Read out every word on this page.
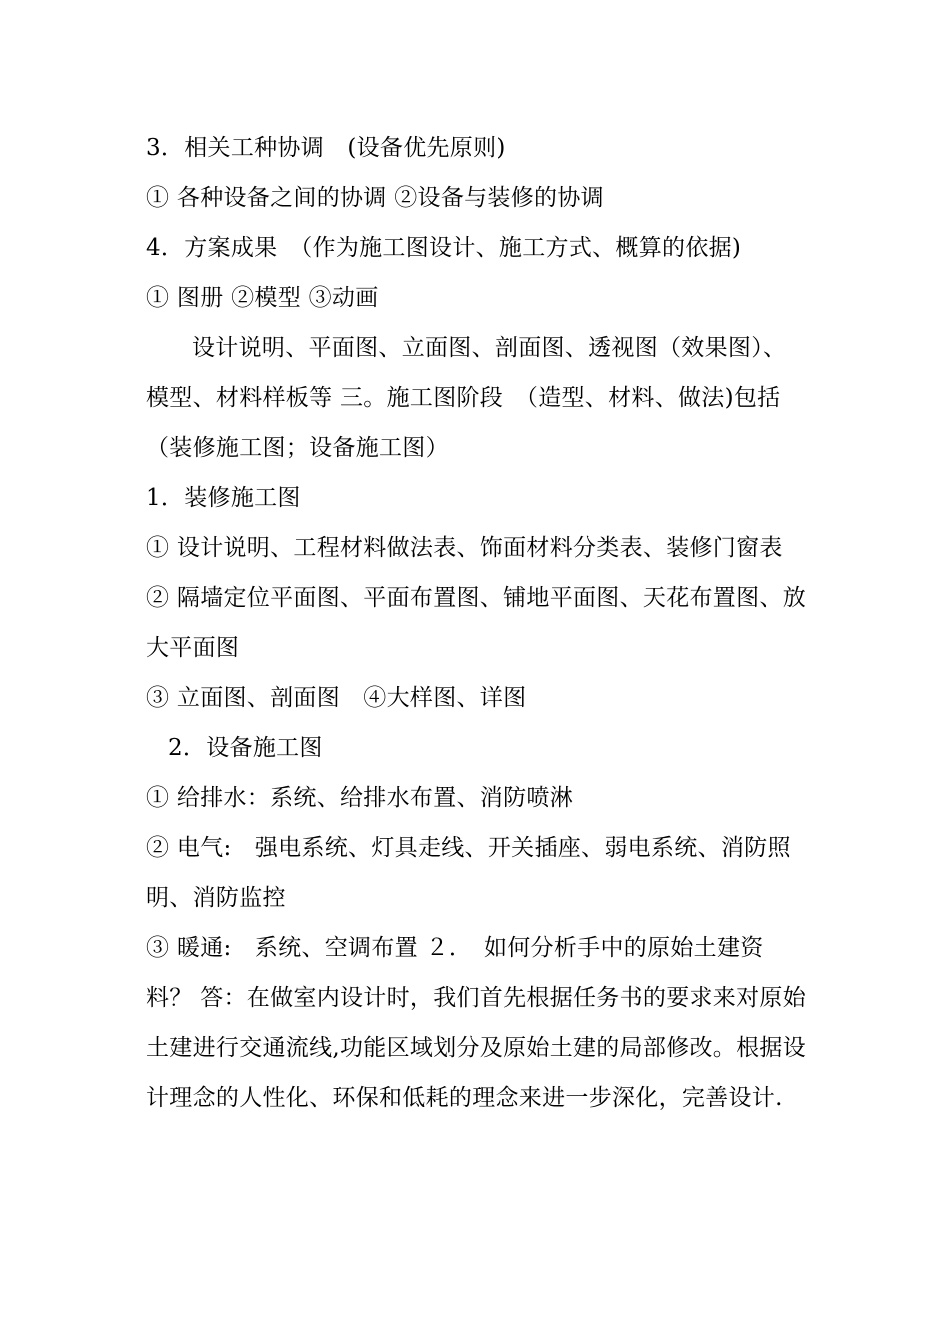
3．相关工种协调　(设备优先原则)

① 各种设备之间的协调 ②设备与装修的协调

4．方案成果　（作为施工图设计、施工方式、概算的依据)

① 图册 ②模型 ③动画

设计说明、平面图、立面图、剖面图、透视图（效果图）、模型、材料样板等 三。施工图阶段　（造型、材料、做法)包括（装修施工图；设备施工图）

1．装修施工图

① 设计说明、工程材料做法表、饰面材料分类表、装修门窗表

② 隔墙定位平面图、平面布置图、铺地平面图、天花布置图、放大平面图

③ 立面图、剖面图　④大样图、详图

2．设备施工图

① 给排水：系统、给排水布置、消防喷淋

② 电气:　强电系统、灯具走线、开关插座、弱电系统、消防照明、消防监控

③ 暖通:　系统、空调布置 ２．　如何分析手中的原始土建资料？ 答：在做室内设计时，我们首先根据任务书的要求来对原始土建进行交通流线,功能区域划分及原始土建的局部修改。根据设计理念的人性化、环保和低耗的理念来进一步深化，完善设计.
